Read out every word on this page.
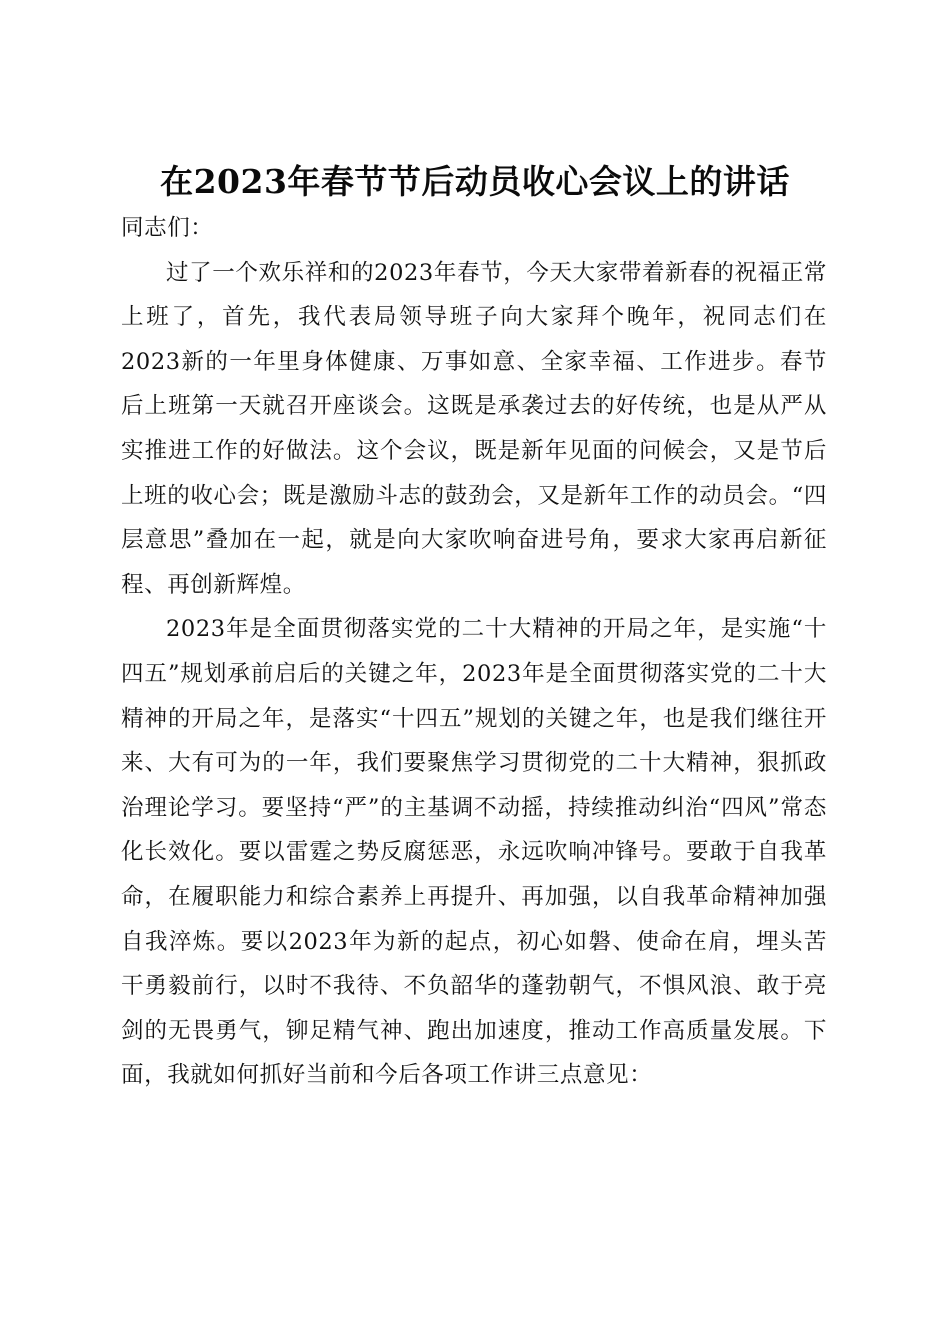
在2023年春节节后动员收心会议上的讲话

同志们：

过了一个欢乐祥和的2023年春节，今天大家带着新春的祝福正常上班了，首先，我代表局领导班子向大家拜个晚年，祝同志们在2023新的一年里身体健康、万事如意、全家幸福、工作进步。春节后上班第一天就召开座谈会。这既是承袭过去的好传统，也是从严从实推进工作的好做法。这个会议，既是新年见面的问候会，又是节后上班的收心会；既是激励斗志的鼓劲会，又是新年工作的动员会。“四层意思”叠加在一起，就是向大家吹响奋进号角，要求大家再启新征程、再创新辉煌。

2023年是全面贯彻落实党的二十大精神的开局之年，是实施“十四五”规划承前启后的关键之年，2023年是全面贯彻落实党的二十大精神的开局之年，是落实“十四五”规划的关键之年，也是我们继往开来、大有可为的一年，我们要聚焦学习贯彻党的二十大精神，狠抓政治理论学习。要坚持“严”的主基调不动摇，持续推动纠治“四风”常态化长效化。要以雷霆之势反腐惩恶，永远吹响冲锋号。要敢于自我革命，在履职能力和综合素养上再提升、再加强，以自我革命精神加强自我淬炼。要以2023年为新的起点，初心如磐、使命在肩，埋头苦干勇毅前行，以时不我待、不负韶华的蓬勃朝气，不惧风浪、敢于亮剑的无畏勇气，铆足精气神、跑出加速度，推动工作高质量发展。下面，我就如何抓好当前和今后各项工作讲三点意见：
